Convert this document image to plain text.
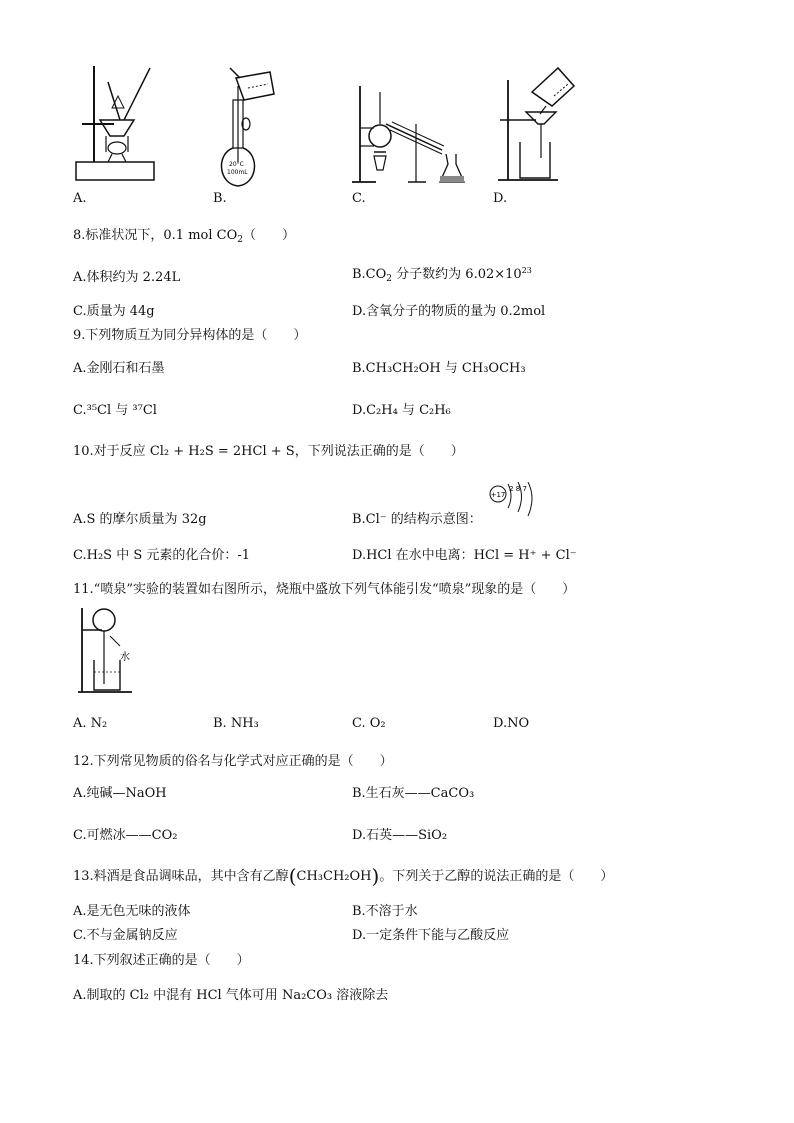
A.
20°C
100mL
B.	C.	D.
8.标准状况下，0.1 mol $CO_2$（　　）
A.体积约为 2.24L	$B.CO_2$ 分子数约为 $6.02\times 10^{23}$
C.质量为 44g	D.含氧分子的物质的量为 0.2mol
9.下列物质互为同分异构体的是（　　）
A.金刚石和石墨	B.CH₃CH₂OH 与 CH₃OCH₃
C.³⁵Cl 与 ³⁷Cl	D.C₂H₄ 与 C₂H₆
10.对于反应 Cl₂ + H₂S = 2HCl + S，下列说法正确的是（　　）
A.S 的摩尔质量为 32g	B.Cl⁻ 的结构示意图：
+17
2 8 7
C.H₂S 中 S 元素的化合价：-1	D.HCl 在水中电离：HCl = H⁺ + Cl⁻
11.“喷泉”实验的装置如右图所示，烧瓶中盛放下列气体能引发“喷泉”现象的是（　　）
水
A. N₂	B. NH₃	C. O₂	D.NO
12.下列常见物质的俗名与化学式对应正确的是（　　）
A.纯碱—NaOH	B.生石灰——CaCO₃
C.可燃冰——CO₂	D.石英——SiO₂
13.料酒是食品调味品，其中含有乙醇(CH₃CH₂OH)。下列关于乙醇的说法正确的是（　　）
A.是无色无味的液体	B.不溶于水
C.不与金属钠反应	D.一定条件下能与乙酸反应
14.下列叙述正确的是（　　）
A.制取的 Cl₂ 中混有 HCl 气体可用 Na₂CO₃ 溶液除去
